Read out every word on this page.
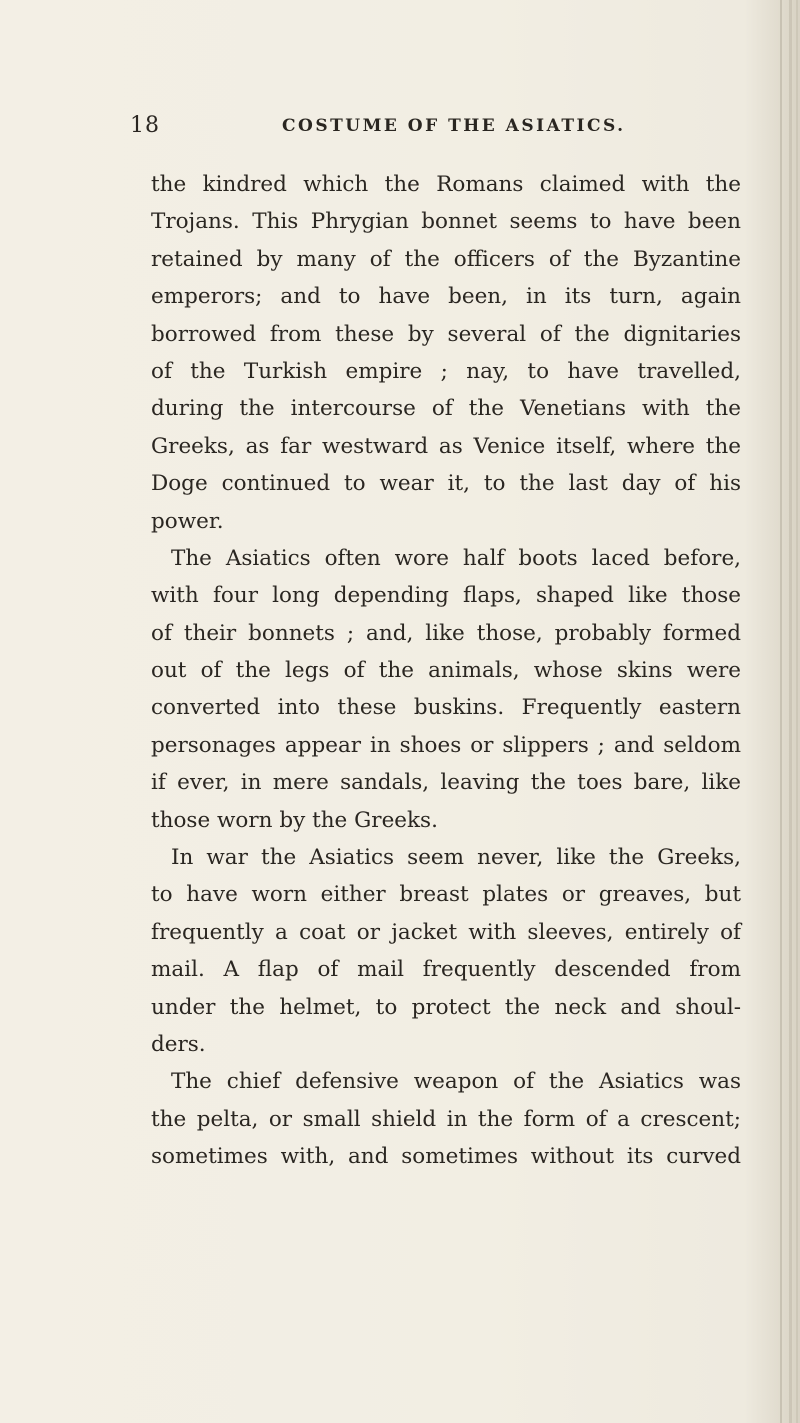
18	COSTUME OF THE ASIATICS.
the kindred which the Romans claimed with the
Trojans. This Phrygian bonnet seems to have been
retained by many of the officers of the Byzantine
emperors; and to have been, in its turn, again
borrowed from these by several of the dignitaries
of the Turkish empire ; nay, to have travelled,
during the intercourse of the Venetians with the
Greeks, as far westward as Venice itself, where the
Doge continued to wear it, to the last day of his
power.
The Asiatics often wore half boots laced before,
with four long depending flaps, shaped like those
of their bonnets ; and, like those, probably formed
out of the legs of the animals, whose skins were
converted into these buskins. Frequently eastern
personages appear in shoes or slippers ; and seldom
if ever, in mere sandals, leaving the toes bare, like
those worn by the Greeks.
In war the Asiatics seem never, like the Greeks,
to have worn either breast plates or greaves, but
frequently a coat or jacket with sleeves, entirely of
mail. A flap of mail frequently descended from
under the helmet, to protect the neck and shoul-
ders.
The chief defensive weapon of the Asiatics was
the pelta, or small shield in the form of a crescent;
sometimes with, and sometimes without its curved
